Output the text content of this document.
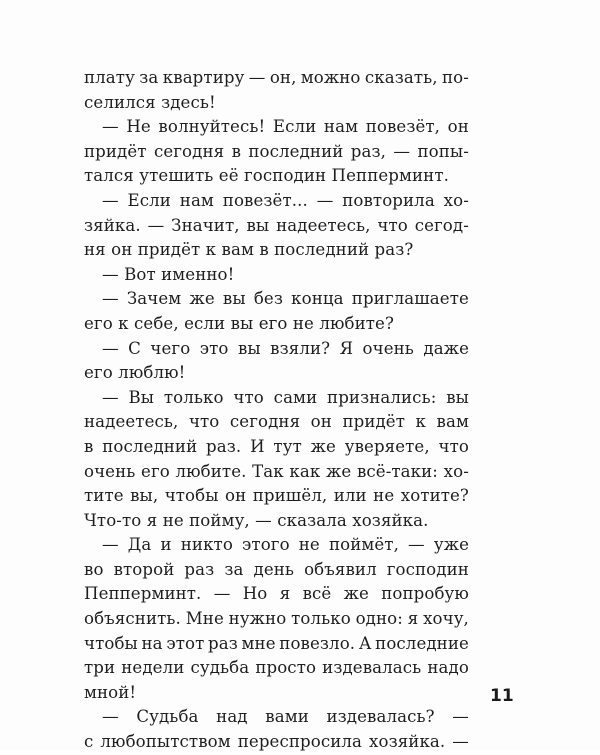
плату за квартиру — он, можно сказать, по-
селился здесь!
— Не волнуйтесь! Если нам повезёт, он
придёт сегодня в последний раз, — попы-
тался утешить её господин Пепперминт.
— Если нам повезёт... — повторила хо-
зяйка. — Значит, вы надеетесь, что сегод-
ня он придёт к вам в последний раз?
— Вот именно!
— Зачем же вы без конца приглашаете
его к себе, если вы его не любите?
— С чего это вы взяли? Я очень даже
его люблю!
— Вы только что сами признались: вы
надеетесь, что сегодня он придёт к вам
в последний раз. И тут же уверяете, что
очень его любите. Так как же всё-таки: хо-
тите вы, чтобы он пришёл, или не хотите?
Что-то я не пойму, — сказала хозяйка.
— Да и никто этого не поймёт, — уже
во второй раз за день объявил господин
Пепперминт. — Но я всё же попробую
объяснить. Мне нужно только одно: я хочу,
чтобы на этот раз мне повезло. А последние
три недели судьба просто издевалась надо
мной!
— Судьба над вами издевалась? —
с любопытством переспросила хозяйка. —
11
